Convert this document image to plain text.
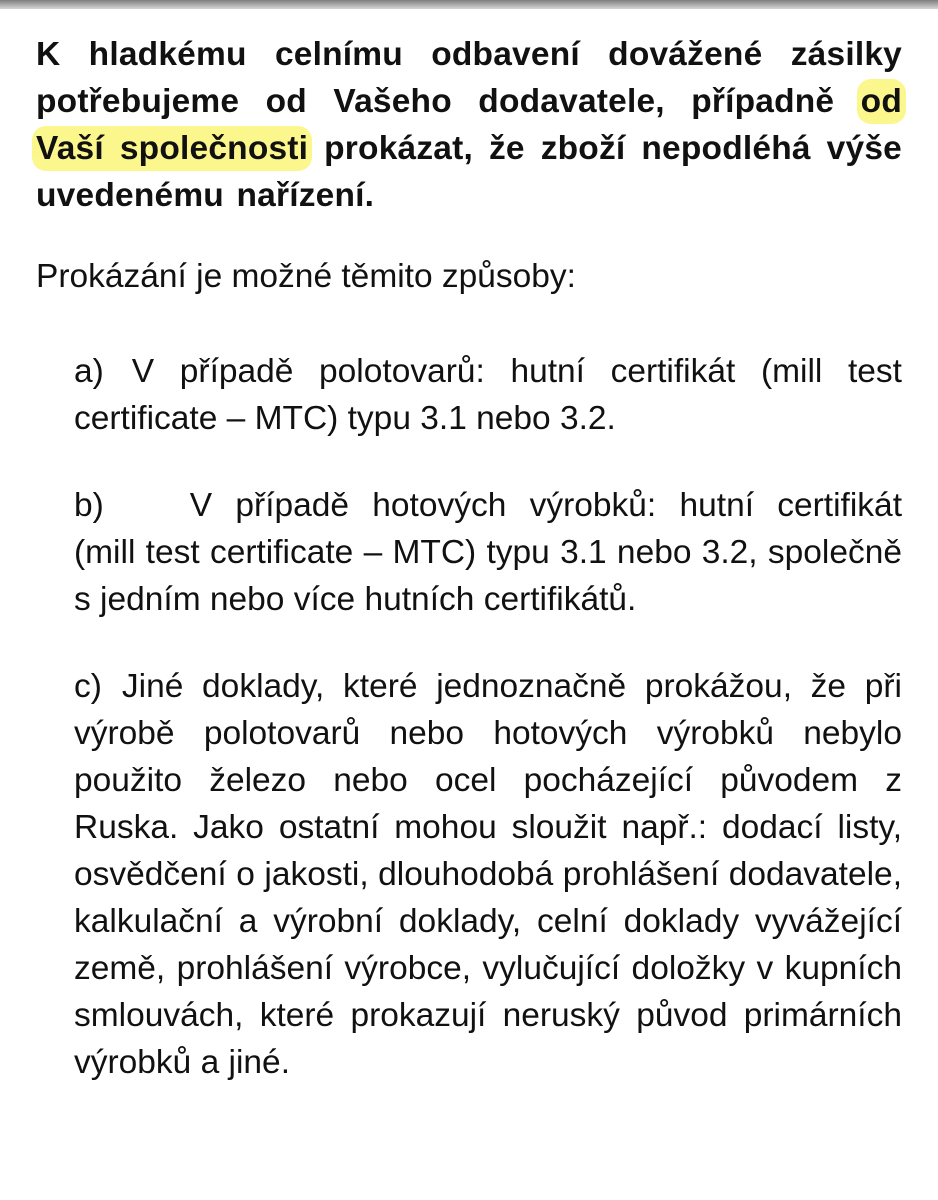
K hladkému celnímu odbavení dovážené zásilky potřebujeme od Vašeho dodavatele, případně od Vaší společnosti prokázat, že zboží nepodléhá výše uvedenému nařízení.

Prokázání je možné těmito způsoby:

a) V případě polotovarů: hutní certifikát (mill test certificate – MTC) typu 3.1 nebo 3.2.
b)	V případě hotových výrobků: hutní certifikát (mill test certificate – MTC) typu 3.1 nebo 3.2, společně s jedním nebo více hutních certifikátů.
c) Jiné doklady, které jednoznačně prokážou, že při výrobě polotovarů nebo hotových výrobků nebylo použito železo nebo ocel pocházející původem z Ruska. Jako ostatní mohou sloužit např.: dodací listy, osvědčení o jakosti, dlouhodobá prohlášení dodavatele, kalkulační a výrobní doklady, celní doklady vyvážející země, prohlášení výrobce, vylučující doložky v kupních smlouvách, které prokazují neruský původ primárních výrobků a jiné.
